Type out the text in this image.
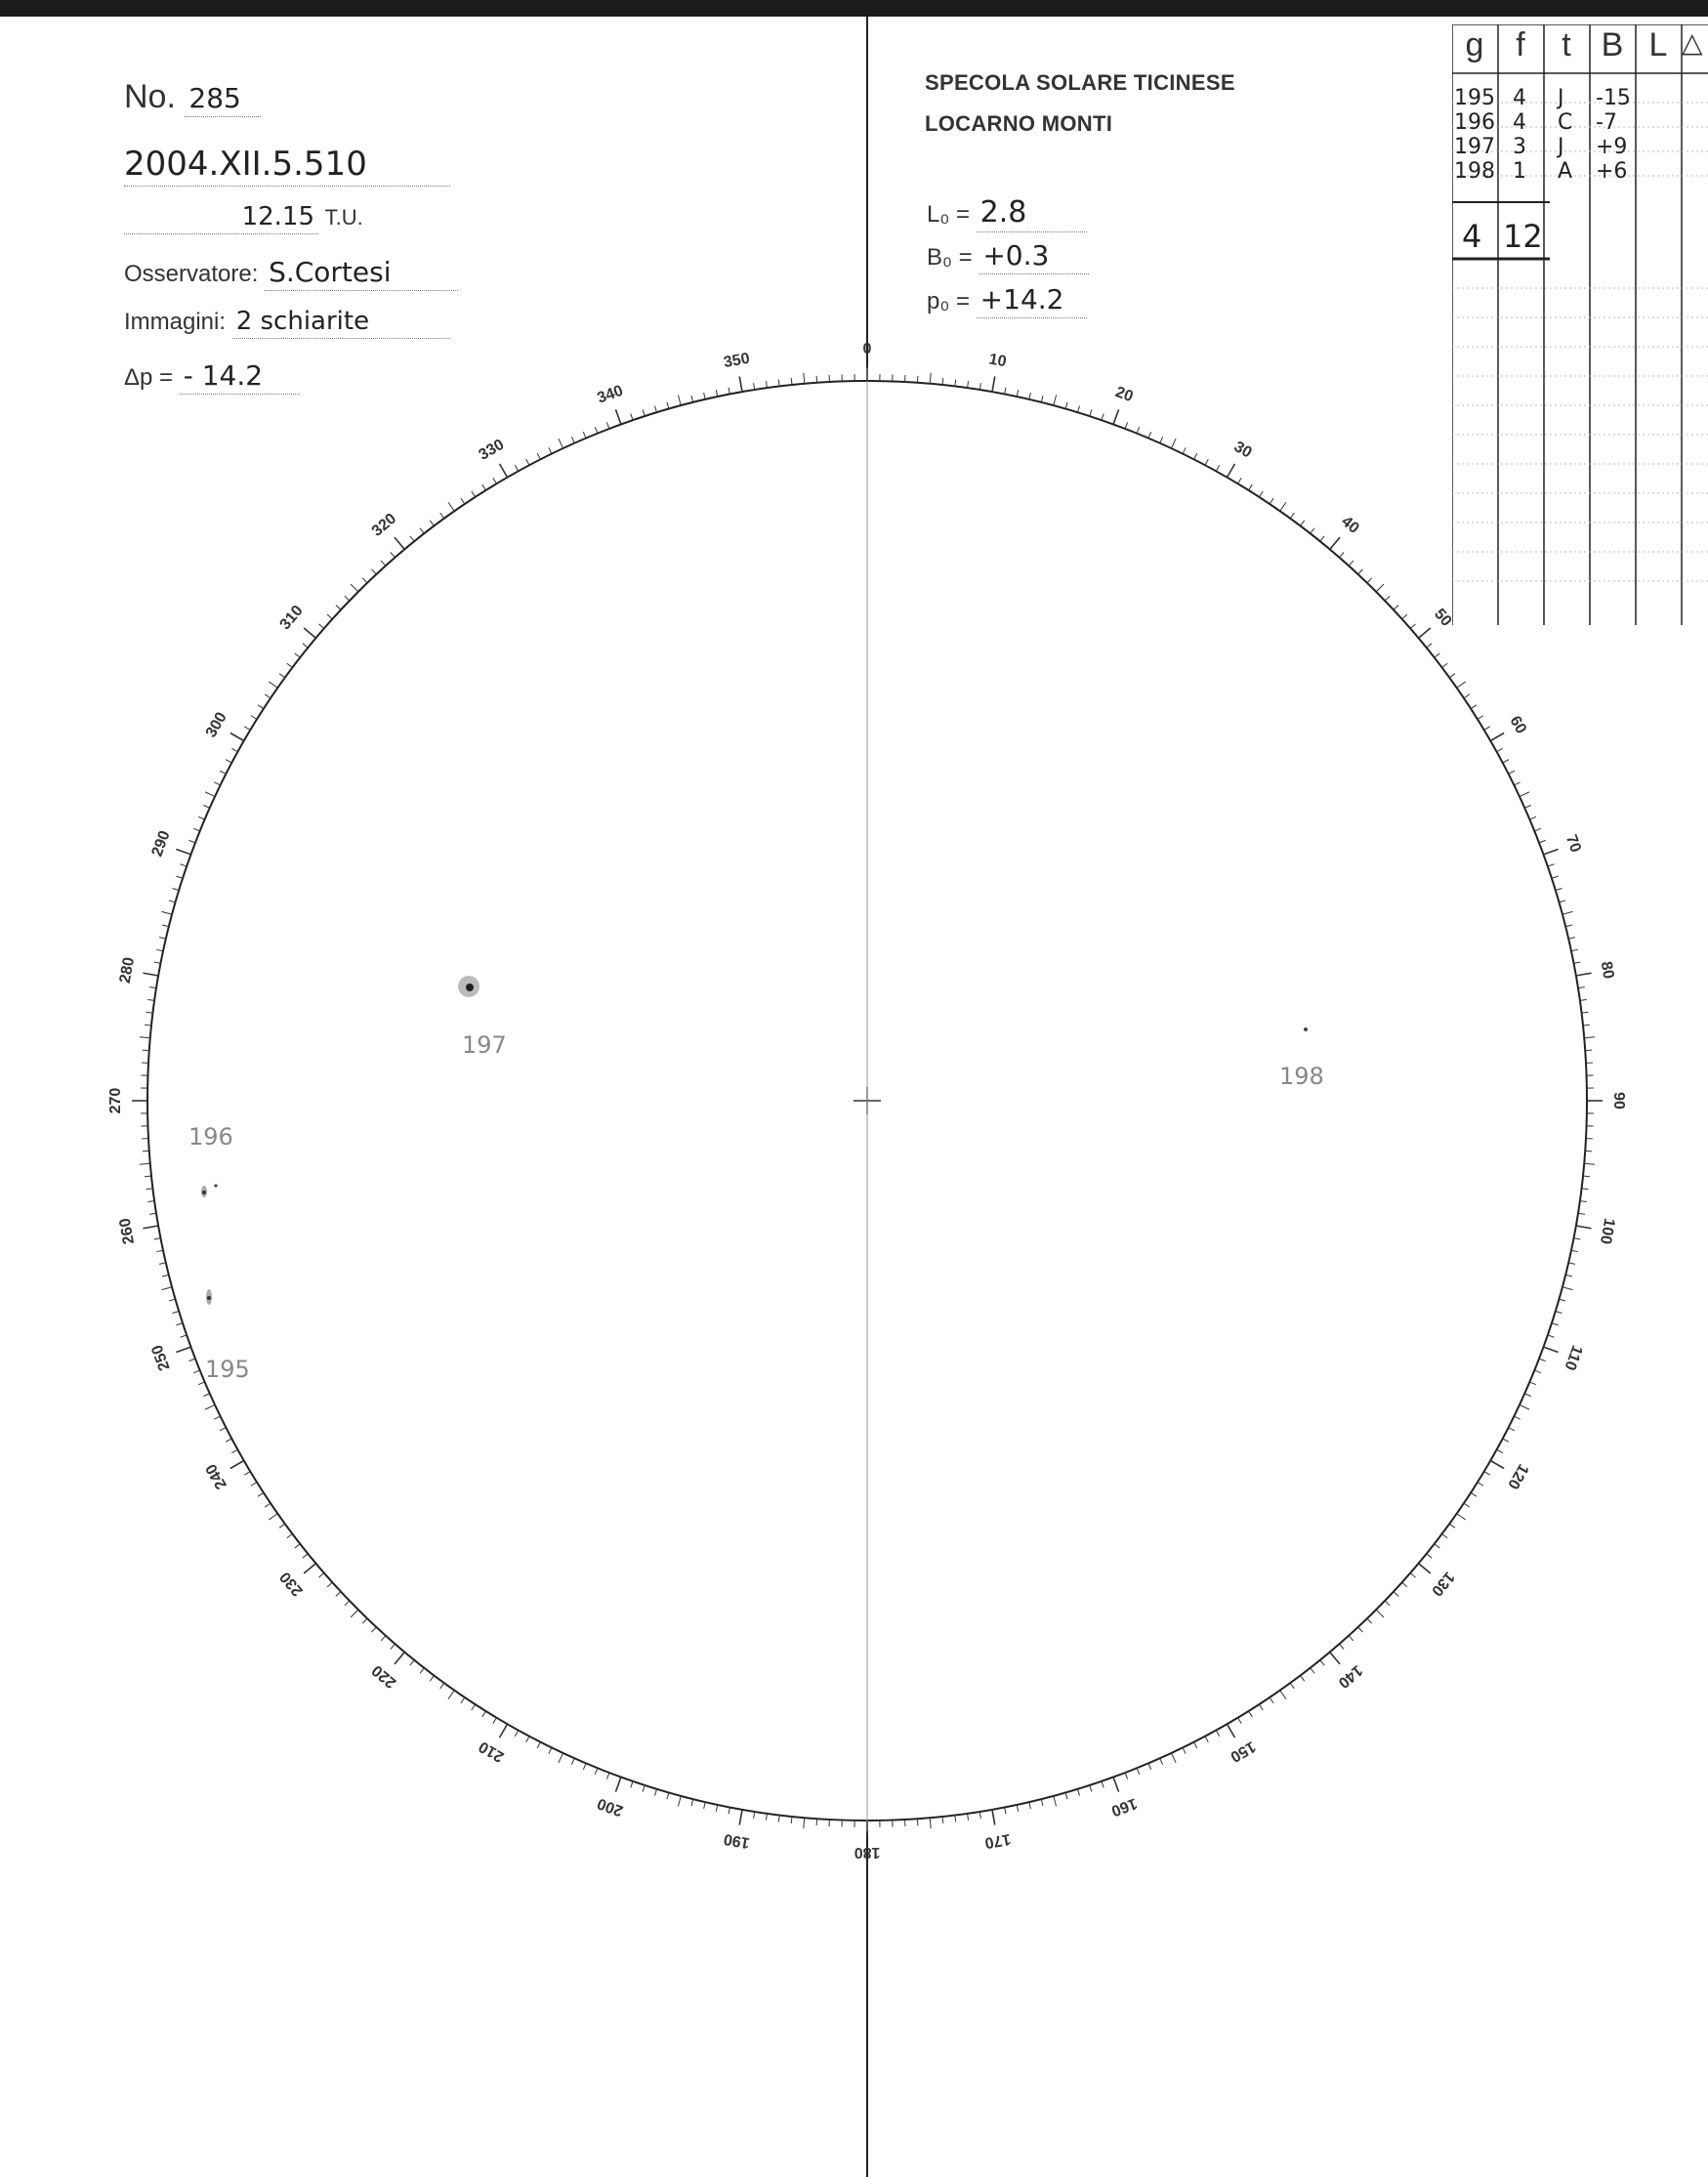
No. 285
2004.XII.5.510
12.15 T.U.
Osservatore: S.Cortesi
Immagini: 2 schiarite
Δp = - 14.2
SPECOLA SOLARE TICINESE
LOCARNO MONTI
L₀ = 2.8
B₀ = +0.3
p₀ = +14.2
g f	t B L △
195 4 J -15
196 4 C -7
197 3 J +9
198 1 A +6
4 12
0
10
20
30
40
50
60
70
80
90
100
110
120
130
140
150
160
170
180
190
200
210
220
230
240
250
260
270
280
290
300
310
320
330
340
350
197
198
196
195
